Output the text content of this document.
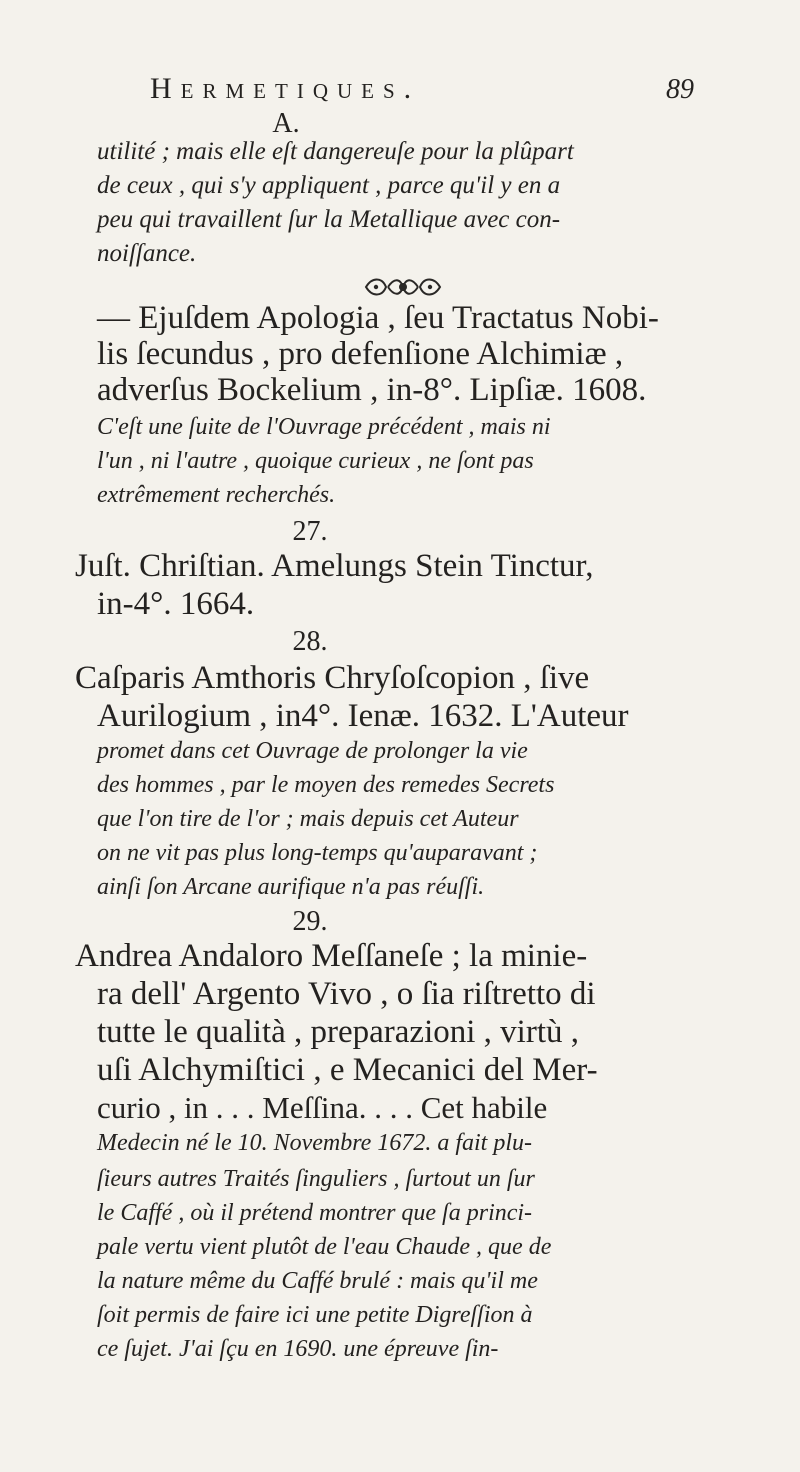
Hermetiques.	89
A.
utilité ; mais elle eſt dangereuſe pour la plûpart
de ceux , qui s'y appliquent , parce qu'il y en a
peu qui travaillent ſur la Metallique avec con-
noiſſance.
— Ejuſdem Apologia , ſeu Tractatus Nobi-
lis ſecundus , pro defenſione Alchimiæ ,
adverſus Bockelium , in-8°. Lipſiæ. 1608.
C'eſt une ſuite de l'Ouvrage précédent , mais ni
l'un , ni l'autre , quoique curieux , ne ſont pas
extrêmement recherchés.
27.
Juſt. Chriſtian. Amelungs Stein Tinctur,
in-4°. 1664.
28.
Caſparis Amthoris Chryſoſcopion , ſive
Aurilogium , in4°. Ienæ. 1632. L'Auteur
promet dans cet Ouvrage de prolonger la vie
des hommes , par le moyen des remedes Secrets
que l'on tire de l'or ; mais depuis cet Auteur
on ne vit pas plus long-temps qu'auparavant ;
ainſi ſon Arcane aurifique n'a pas réuſſi.
29.
Andrea Andaloro Meſſaneſe ; la minie-
ra dell' Argento Vivo , o ſia riſtretto di
tutte le qualità , preparazioni , virtù ,
uſi Alchymiſtici , e Mecanici del Mer-
curio , in . . . Meſſina. . . . Cet habile
Medecin né le 10. Novembre 1672. a fait plu-
ſieurs autres Traités ſinguliers , ſurtout un ſur
le Caffé , où il prétend montrer que ſa princi-
pale vertu vient plutôt de l'eau Chaude , que de
la nature même du Caffé brulé : mais qu'il me
ſoit permis de faire ici une petite Digreſſion à
ce ſujet. J'ai ſçu en 1690. une épreuve ſin-
